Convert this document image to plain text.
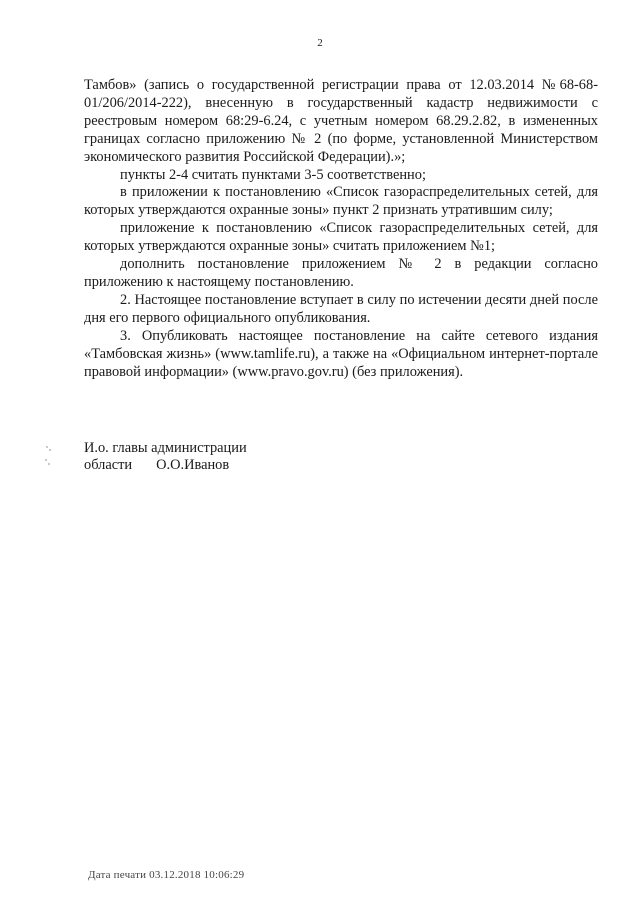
2

Тамбов» (запись о государственной регистрации права от 12.03.2014 №68-68-01/206/2014-222), внесенную в государственный кадастр недвижимости с реестровым номером 68:29-6.24, с учетным номером 68.29.2.82, в измененных границах согласно приложению № 2 (по форме, установленной Министерством экономического развития Российской Федерации).»;

пункты 2-4 считать пунктами 3-5 соответственно;

в приложении к постановлению «Список газораспределительных сетей, для которых утверждаются охранные зоны» пункт 2 признать утратившим силу;

приложение к постановлению «Список газораспределительных сетей, для которых утверждаются охранные зоны» считать приложением №1;

дополнить постановление приложением № 2 в редакции согласно приложению к настоящему постановлению.

2. Настоящее постановление вступает в силу по истечении десяти дней после дня его первого официального опубликования.

3. Опубликовать настоящее постановление на сайте сетевого издания «Тамбовская жизнь» (www.tamlife.ru), а также на «Официальном интернет-портале правовой информации» (www.pravo.gov.ru) (без приложения).

И.о. главы администрации
области О.О.Иванов
Дата печати 03.12.2018 10:06:29
